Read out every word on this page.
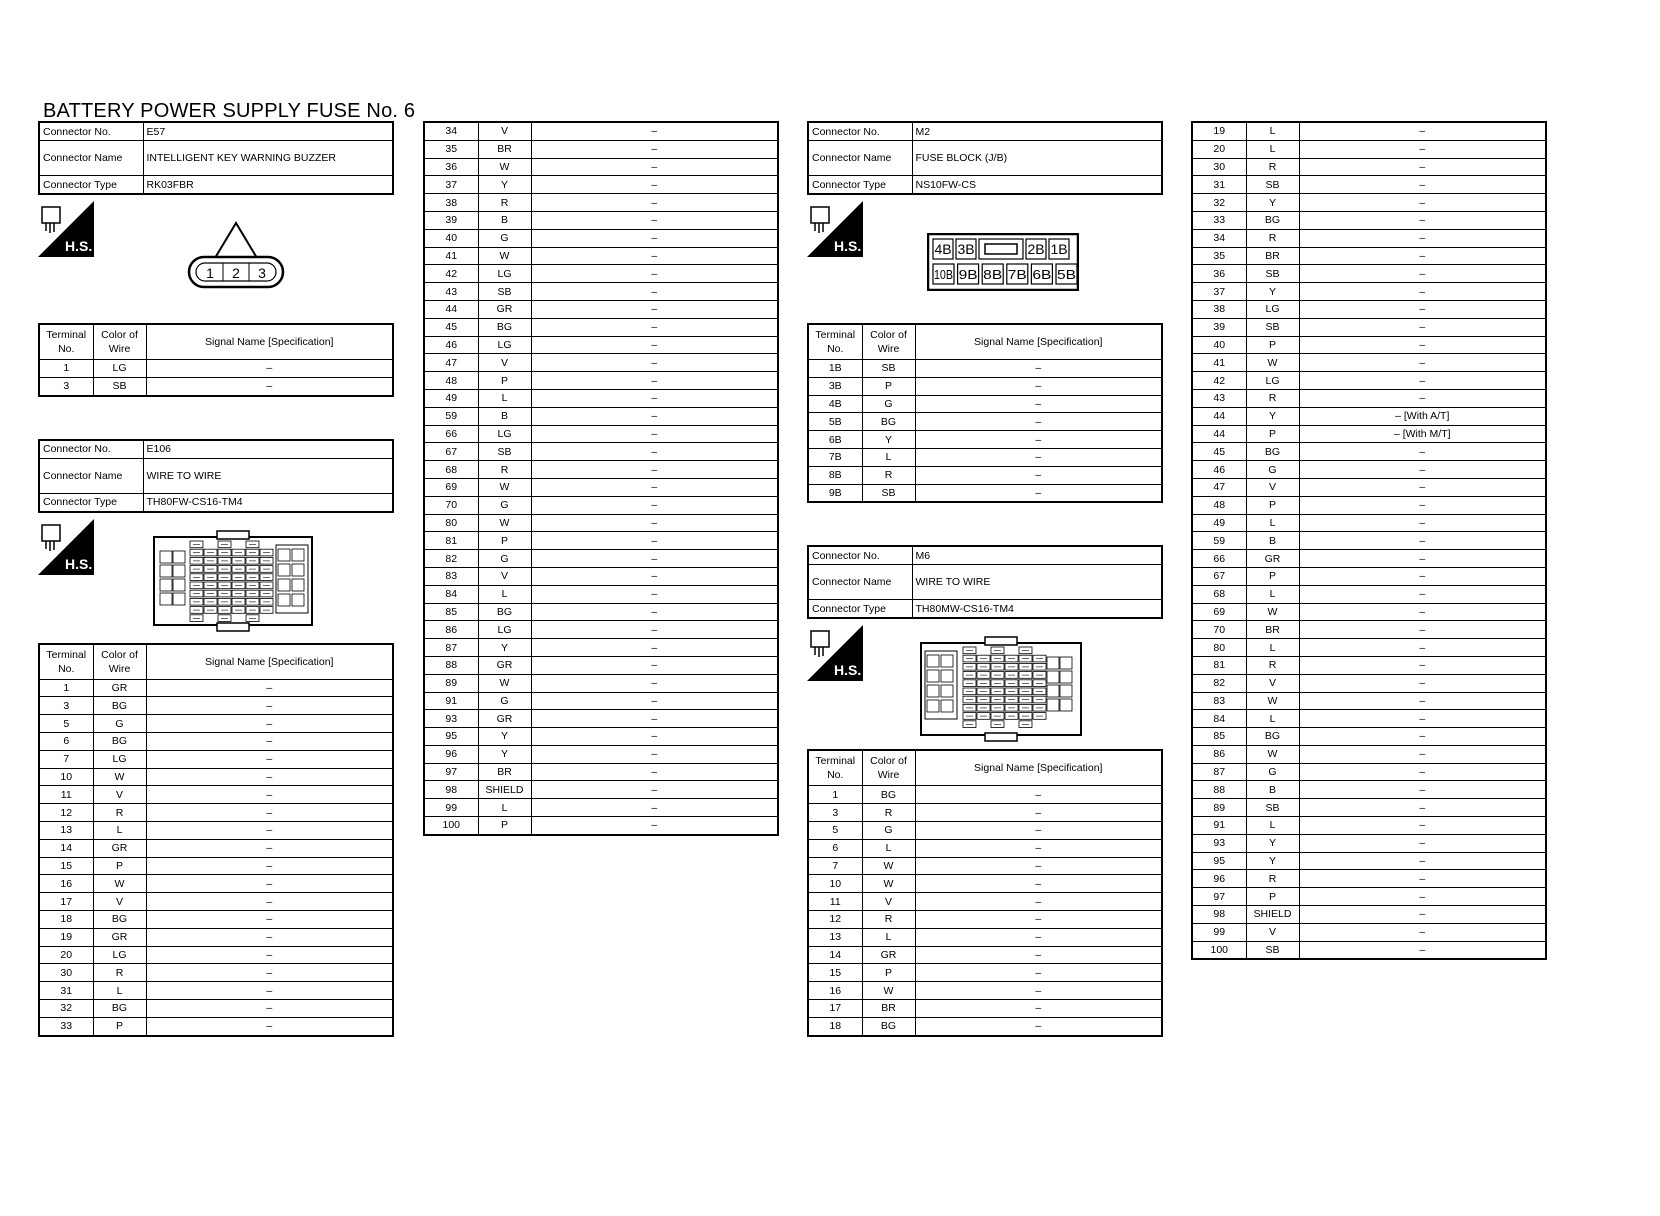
BATTERY POWER SUPPLY FUSE No. 6
Connector No.	E57
Connector Name	INTELLIGENT KEY WARNING BUZZER
Connector Type	RK03FBR
H.S.
1 2 3
Terminal No.	Color of Wire	Signal Name [Specification]
1	LG	–
3	SB	–
Connector No.	E106
Connector Name	WIRE TO WIRE
Connector Type	TH80FW-CS16-TM4
H.S.
Terminal No.	Color of Wire	Signal Name [Specification]
1	GR	–
3	BG	–
5	G	–
6	BG	–
7	LG	–
10	W	–
11	V	–
12	R	–
13	L	–
14	GR	–
15	P	–
16	W	–
17	V	–
18	BG	–
19	GR	–
20	LG	–
30	R	–
31	L	–
32	BG	–
33	P	–
34	V	–
35	BR	–
36	W	–
37	Y	–
38	R	–
39	B	–
40	G	–
41	W	–
42	LG	–
43	SB	–
44	GR	–
45	BG	–
46	LG	–
47	V	–
48	P	–
49	L	–
59	B	–
66	LG	–
67	SB	–
68	R	–
69	W	–
70	G	–
80	W	–
81	P	–
82	G	–
83	V	–
84	L	–
85	BG	–
86	LG	–
87	Y	–
88	GR	–
89	W	–
91	G	–
93	GR	–
95	Y	–
96	Y	–
97	BR	–
98	SHIELD	–
99	L	–
100	P	–
Connector No.	M2
Connector Name	FUSE BLOCK (J/B)
Connector Type	NS10FW-CS
H.S.	4B 3B	2B 1B
10B 9B 8B 7B 6B 5B
Terminal No.	Color of Wire	Signal Name [Specification]
1B	SB	–
3B	P	–
4B	G	–
5B	BG	–
6B	Y	–
7B	L	–
8B	R	–
9B	SB	–
Connector No.	M6
Connector Name	WIRE TO WIRE
Connector Type	TH80MW-CS16-TM4
H.S.
Terminal No.	Color of Wire	Signal Name [Specification]
1	BG	–
3	R	–
5	G	–
6	L	–
7	W	–
10	W	–
11	V	–
12	R	–
13	L	–
14	GR	–
15	P	–
16	W	–
17	BR	–
18	BG	–
19	L	–
20	L	–
30	R	–
31	SB	–
32	Y	–
33	BG	–
34	R	–
35	BR	–
36	SB	–
37	Y	–
38	LG	–
39	SB	–
40	P	–
41	W	–
42	LG	–
43	R	–
44	Y	– [With A/T]
44	P	– [With M/T]
45	BG	–
46	G	–
47	V	–
48	P	–
49	L	–
59	B	–
66	GR	–
67	P	–
68	L	–
69	W	–
70	BR	–
80	L	–
81	R	–
82	V	–
83	W	–
84	L	–
85	BG	–
86	W	–
87	G	–
88	B	–
89	SB	–
91	L	–
93	Y	–
95	Y	–
96	R	–
97	P	–
98	SHIELD	–
99	V	–
100	SB	–
